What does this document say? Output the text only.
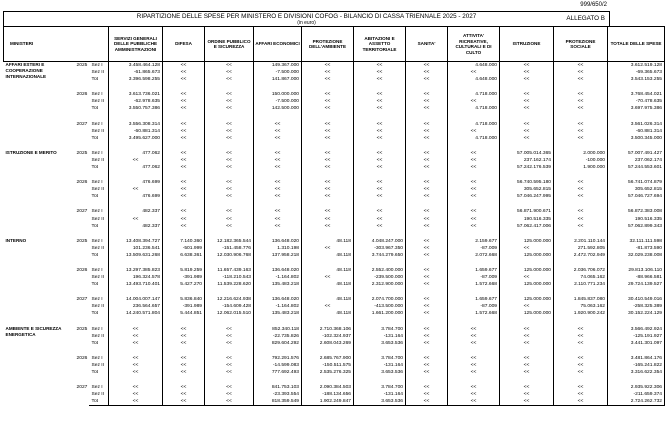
999/650/2
RIPARTIZIONE DELLE SPESE PER MINISTERO E DIVISIONI COFOG - BILANCIO DI CASSA TRIENNALE 2025 - 2027
(in euro)
ALLEGATO B
MINISTERI			SERVIZI GENERALI DELLE PUBBLICHE AMMINISTRAZIONI	DIFESA	ORDINE PUBBLICO E SICUREZZA	AFFARI ECONOMICI	PROTEZIONE DELL'AMBIENTE	ABITAZIONI E ASSETTO TERRITORIALE	SANITA'	ATTIVITA' RICREATIVE, CULTURALI E DI CULTO	ISTRUZIONE	PROTEZIONE SOCIALE	TOTALE DELLE SPESE
AFFARI ESTERI E COOPERAZIONE INTERNAZIONALE	2025	Sez I	3.458.464.128	<<	<<	149.367.000	<<	<<	<<	4.648.000	<<	<<	3.612.519.128
		Sez II	-61.865.673	<<	<<	-7.500.000	<<	<<	<<	<<	<<	<<	-69.365.673
		Tot	3.396.598.255	<<	<<	141.867.000	<<	<<	<<	4.648.000	<<	<<	3.543.153.255

	2026	Sez I	3.613.736.021	<<	<<	150.000.000	<<	<<	<<	4.718.000	<<	<<	3.768.454.021
		Sez II	-62.978.635	<<	<<	-7.500.000	<<	<<	<<	<<	<<	<<	-70.478.635
		Tot	3.550.757.386	<<	<<	142.500.000	<<	<<	<<	4.718.000	<<	<<	3.697.975.386

	2027	Sez I	3.556.308.314	<<	<<	<<	<<	<<	<<	4.718.000	<<	<<	3.561.026.314
		Sez II	-60.881.314	<<	<<	<<	<<	<<	<<	<<	<<	<<	-60.881.314
		Tot	3.495.627.000	<<	<<	<<	<<	<<	<<	4.718.000	<<	<<	3.500.345.000

ISTRUZIONE E MERITO	2025	Sez I	477.062	<<	<<	<<	<<	<<	<<	<<	57.005.014.365	2.000.000	57.007.491.427
		Sez II	<<	<<	<<	<<	<<	<<	<<	<<	237.162.174	-100.000	237.062.174
		Tot	477.062	<<	<<	<<	<<	<<	<<	<<	57.242.176.539	1.900.000	57.244.553.601

	2026	Sez I	476.699	<<	<<	<<	<<	<<	<<	<<	56.740.595.180	<<	56.741.074.879
		Sez II	<<	<<	<<	<<	<<	<<	<<	<<	305.652.815	<<	305.652.815
		Tot	476.699	<<	<<	<<	<<	<<	<<	<<	57.046.247.995	<<	57.046.727.694

	2027	Sez I	482.337	<<	<<	<<	<<	<<	<<	<<	56.871.900.671	<<	56.872.383.008
		Sez II	<<	<<	<<	<<	<<	<<	<<	<<	190.516.335	<<	190.516.335
		Tot	482.337	<<	<<	<<	<<	<<	<<	<<	57.062.417.006	<<	57.062.899.343

INTERNO	2025	Sez I	13.408.394.727	7.140.360	12.182.365.544	136.648.020	48.118	4.048.247.000	<<	2.159.677	125.000.000	2.201.110.144	32.111.111.598
		Sez II	101.236.541	-501.999	-151.458.776	1.310.198	<<	-303.967.350	<<	-87.009	<<	271.592.805	-81.873.590
		Tot	13.509.631.268	6.638.361	12.030.906.768	137.958.218	48.118	3.744.279.650	<<	2.072.668	125.000.000	2.472.702.949	32.029.238.008

	2026	Sez I	13.297.385.823	5.819.259	11.657.439.163	136.648.020	48.118	2.552.400.000	<<	1.659.677	125.000.000	2.036.706.072	29.813.106.110
		Sez II	196.324.578	-391.989	-118.210.543	-1.164.802	<<	-239.500.000	<<	-87.009	<<	74.065.162	-88.966.581
		Tot	13.493.710.401	5.427.270	11.539.228.620	135.483.218	48.118	2.312.900.000	<<	1.572.668	125.000.000	2.110.771.234	29.724.139.527

	2027	Sez I	14.004.007.147	5.836.840	12.216.624.938	136.648.020	48.118	2.074.700.000	<<	1.659.677	125.000.000	1.845.837.080	30.410.549.016
		Sez II	236.564.657	-391.989	-154.609.428	-1.164.802	<<	-413.500.000	<<	-87.009	<<	75.063.162	-258.325.389
		Tot	14.240.571.804	5.444.851	12.062.015.510	135.483.218	48.118	1.661.200.000	<<	1.572.668	125.000.000	1.920.900.242	30.152.224.129

AMBIENTE E SICUREZZA ENERGETICA	2025	Sez I	<<	<<	<<	852.340.118	2.710.368.106	3.784.700	<<	<<	<<	<<	3.566.492.924
		Sez II	<<	<<	<<	-22.735.826	-102.324.937	-131.164	<<	<<	<<	<<	-125.191.927
		Tot	<<	<<	<<	829.604.292	2.608.043.269	3.653.536	<<	<<	<<	<<	3.441.301.097

	2026	Sez I	<<	<<	<<	792.291.576	2.685.767.900	3.784.700	<<	<<	<<	<<	3.481.864.176
		Sez II	<<	<<	<<	-14.599.083	-150.511.575	-131.164	<<	<<	<<	<<	-165.241.822
		Tot	<<	<<	<<	777.692.493	2.535.276.325	3.653.536	<<	<<	<<	<<	3.316.622.354

	2027	Sez I	<<	<<	<<	841.753.103	2.090.384.503	3.784.700	<<	<<	<<	<<	2.935.922.306
		Sez II	<<	<<	<<	-23.393.554	-188.134.656	-131.164	<<	<<	<<	<<	-211.659.374
		Tot	<<	<<	<<	818.359.549	1.902.249.847	3.653.536	<<	<<	<<	<<	2.724.262.732
